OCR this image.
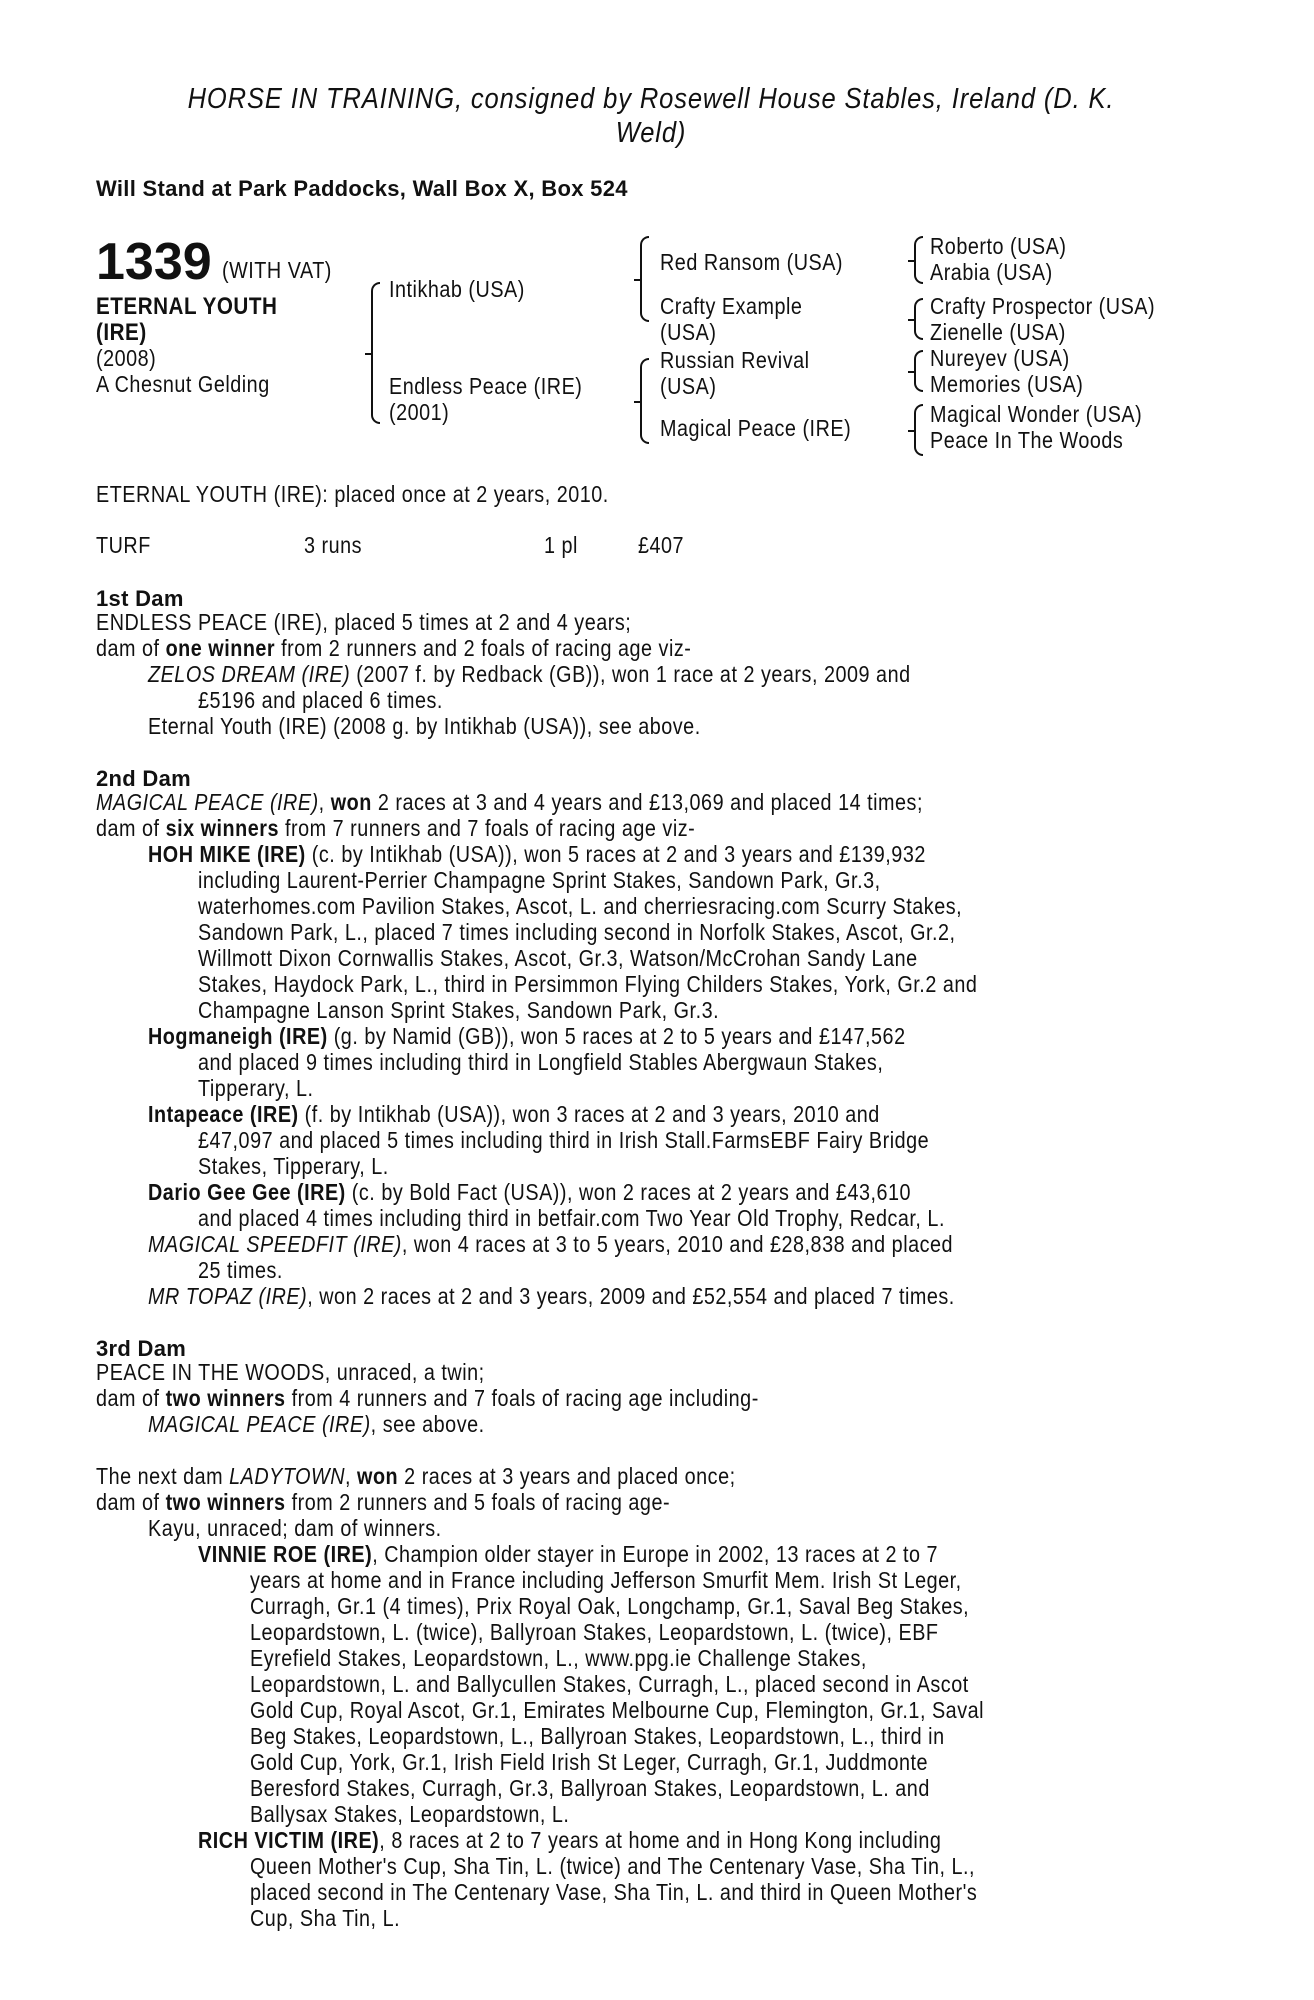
HORSE IN TRAINING, consigned by Rosewell House Stables, Ireland (D. K. Weld)
Will Stand at Park Paddocks, Wall Box X, Box 524
1339 (WITH VAT)
ETERNAL YOUTH
(IRE)
(2008)
A Chesnut Gelding
Intikhab (USA)
Endless Peace (IRE)
(2001)
Red Ransom (USA)
Crafty Example
(USA)
Russian Revival
(USA)
Magical Peace (IRE)
Roberto (USA)
Arabia (USA)
Crafty Prospector (USA)
Zienelle (USA)
Nureyev (USA)
Memories (USA)
Magical Wonder (USA)
Peace In The Woods
ETERNAL YOUTH (IRE): placed once at 2 years, 2010.
TURF	3 runs	1 pl	£407
1st Dam
ENDLESS PEACE (IRE), placed 5 times at 2 and 4 years;
dam of one winner from 2 runners and 2 foals of racing age viz-
ZELOS DREAM (IRE) (2007 f. by Redback (GB)), won 1 race at 2 years, 2009 and
£5196 and placed 6 times.
Eternal Youth (IRE) (2008 g. by Intikhab (USA)), see above.
2nd Dam
MAGICAL PEACE (IRE), won 2 races at 3 and 4 years and £13,069 and placed 14 times;
dam of six winners from 7 runners and 7 foals of racing age viz-
HOH MIKE (IRE) (c. by Intikhab (USA)), won 5 races at 2 and 3 years and £139,932
including Laurent-Perrier Champagne Sprint Stakes, Sandown Park, Gr.3,
waterhomes.com Pavilion Stakes, Ascot, L. and cherriesracing.com Scurry Stakes,
Sandown Park, L., placed 7 times including second in Norfolk Stakes, Ascot, Gr.2,
Willmott Dixon Cornwallis Stakes, Ascot, Gr.3, Watson/McCrohan Sandy Lane
Stakes, Haydock Park, L., third in Persimmon Flying Childers Stakes, York, Gr.2 and
Champagne Lanson Sprint Stakes, Sandown Park, Gr.3.
Hogmaneigh (IRE) (g. by Namid (GB)), won 5 races at 2 to 5 years and £147,562
and placed 9 times including third in Longfield Stables Abergwaun Stakes,
Tipperary, L.
Intapeace (IRE) (f. by Intikhab (USA)), won 3 races at 2 and 3 years, 2010 and
£47,097 and placed 5 times including third in Irish Stall.FarmsEBF Fairy Bridge
Stakes, Tipperary, L.
Dario Gee Gee (IRE) (c. by Bold Fact (USA)), won 2 races at 2 years and £43,610
and placed 4 times including third in betfair.com Two Year Old Trophy, Redcar, L.
MAGICAL SPEEDFIT (IRE), won 4 races at 3 to 5 years, 2010 and £28,838 and placed
25 times.
MR TOPAZ (IRE), won 2 races at 2 and 3 years, 2009 and £52,554 and placed 7 times.
3rd Dam
PEACE IN THE WOODS, unraced, a twin;
dam of two winners from 4 runners and 7 foals of racing age including-
MAGICAL PEACE (IRE), see above.
The next dam LADYTOWN, won 2 races at 3 years and placed once;
dam of two winners from 2 runners and 5 foals of racing age-
Kayu, unraced; dam of winners.
VINNIE ROE (IRE), Champion older stayer in Europe in 2002, 13 races at 2 to 7
years at home and in France including Jefferson Smurfit Mem. Irish St Leger,
Curragh, Gr.1 (4 times), Prix Royal Oak, Longchamp, Gr.1, Saval Beg Stakes,
Leopardstown, L. (twice), Ballyroan Stakes, Leopardstown, L. (twice), EBF
Eyrefield Stakes, Leopardstown, L., www.ppg.ie Challenge Stakes,
Leopardstown, L. and Ballycullen Stakes, Curragh, L., placed second in Ascot
Gold Cup, Royal Ascot, Gr.1, Emirates Melbourne Cup, Flemington, Gr.1, Saval
Beg Stakes, Leopardstown, L., Ballyroan Stakes, Leopardstown, L., third in
Gold Cup, York, Gr.1, Irish Field Irish St Leger, Curragh, Gr.1, Juddmonte
Beresford Stakes, Curragh, Gr.3, Ballyroan Stakes, Leopardstown, L. and
Ballysax Stakes, Leopardstown, L.
RICH VICTIM (IRE), 8 races at 2 to 7 years at home and in Hong Kong including
Queen Mother's Cup, Sha Tin, L. (twice) and The Centenary Vase, Sha Tin, L.,
placed second in The Centenary Vase, Sha Tin, L. and third in Queen Mother's
Cup, Sha Tin, L.
